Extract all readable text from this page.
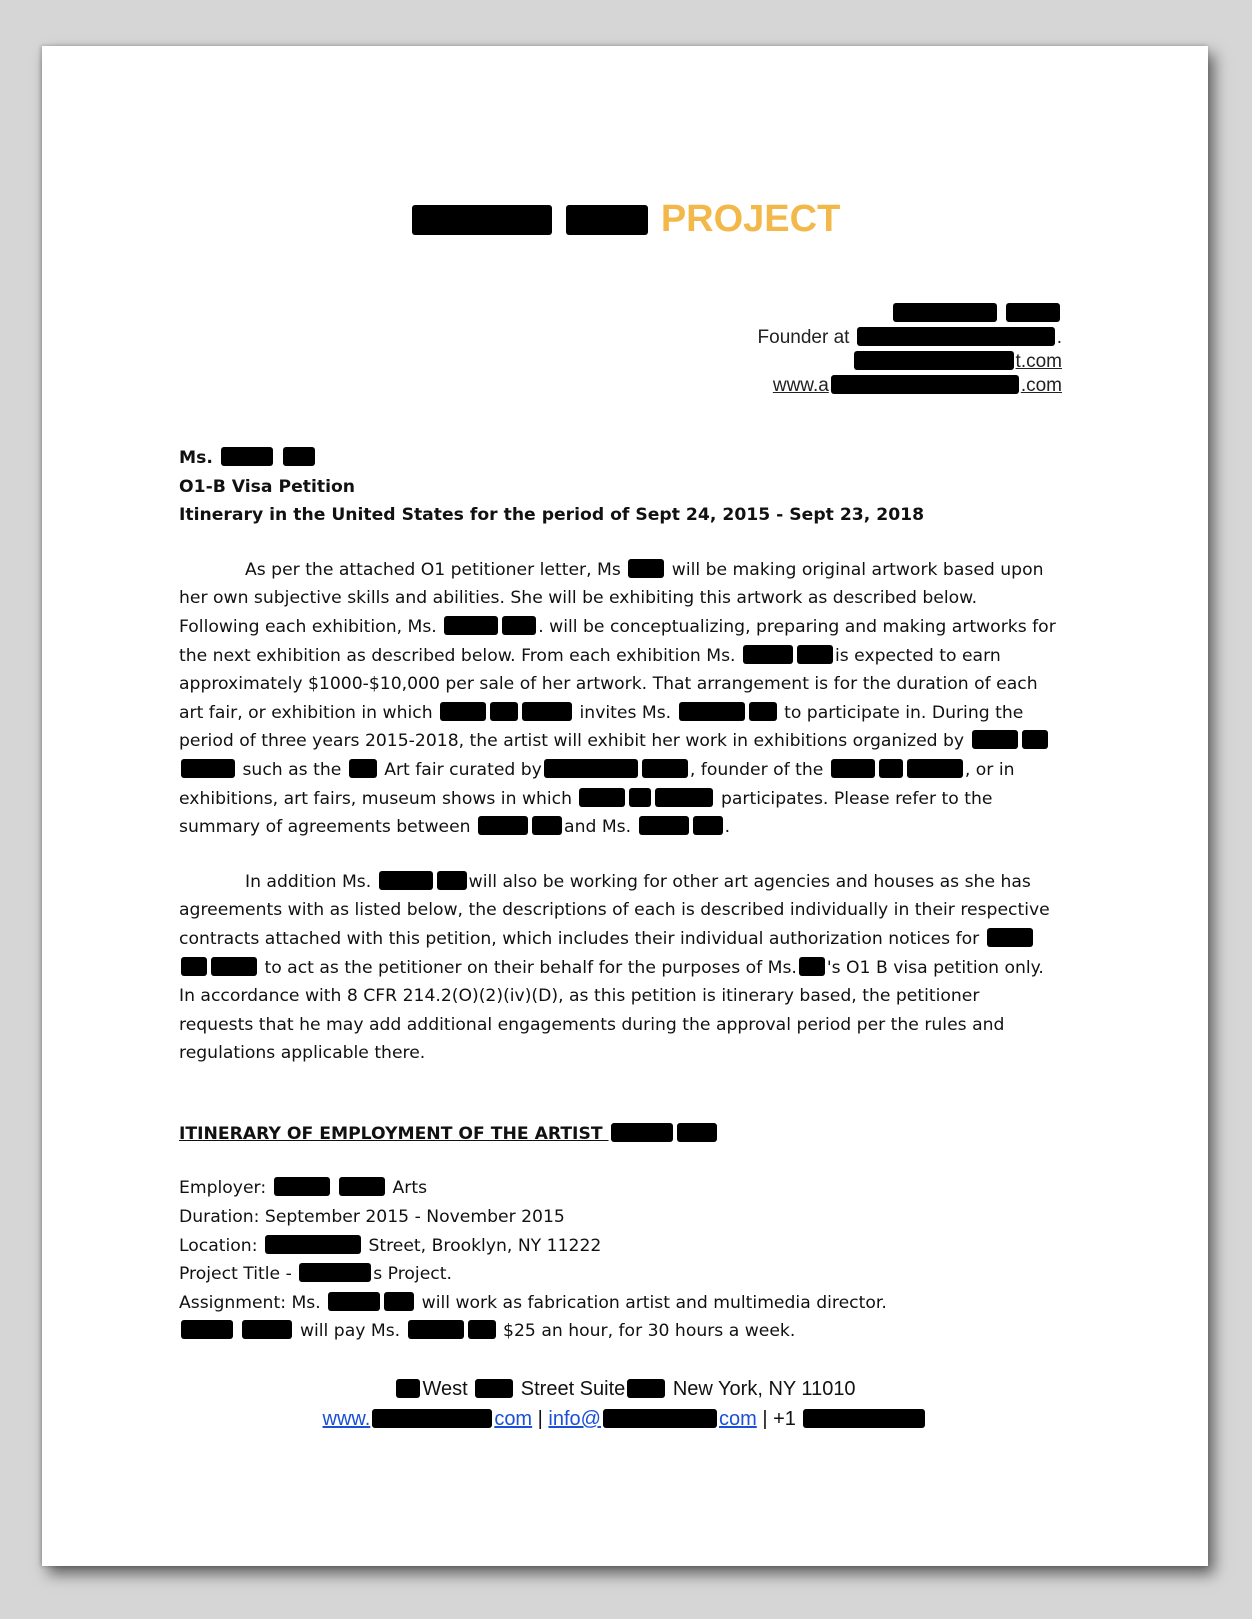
PROJECT

Founder at	.
t.com
www.a	.com

Ms.

O1-B Visa Petition

Itinerary in the United States for the period of Sept 24, 2015 - Sept 23, 2018

As per the attached O1 petitioner letter, Ms	will be making original artwork based upon her own subjective skills and abilities. She will be exhibiting this artwork as described below. Following each exhibition, Ms.	. will be conceptualizing, preparing and making artworks for the next exhibition as described below. From each exhibition Ms.	is expected to earn approximately $1000-$10,000 per sale of her artwork. That arrangement is for the duration of each art fair, or exhibition in which	invites Ms.	to participate in. During the period of three years 2015-2018, the artist will exhibit her work in exhibitions organized by  such as the Art fair curated by	, founder of the	, or in exhibitions, art fairs, museum shows in which	participates. Please refer to the summary of agreements between	and Ms.	.

In addition Ms.	will also be working for other art agencies and houses as she has agreements with as listed below, the descriptions of each is described individually in their respective contracts attached with this petition, which includes their individual authorization notices for   to act as the petitioner on their behalf for the purposes of Ms. 's O1 B visa petition only. In accordance with 8 CFR 214.2(O)(2)(iv)(D), as this petition is itinerary based, the petitioner requests that he may add additional engagements during the approval period per the rules and regulations applicable there.

ITINERARY OF EMPLOYMENT OF THE ARTIST

Employer:	Arts

Duration: September 2015 - November 2015

Location:	Street, Brooklyn, NY 11222

Project Title -	s Project.

Assignment: Ms.	will work as fabrication artist and multimedia director.

will pay Ms.	$25 an hour, for 30 hours a week.

West	Street Suite New York, NY 11010
www.	com | info@	com | +1
